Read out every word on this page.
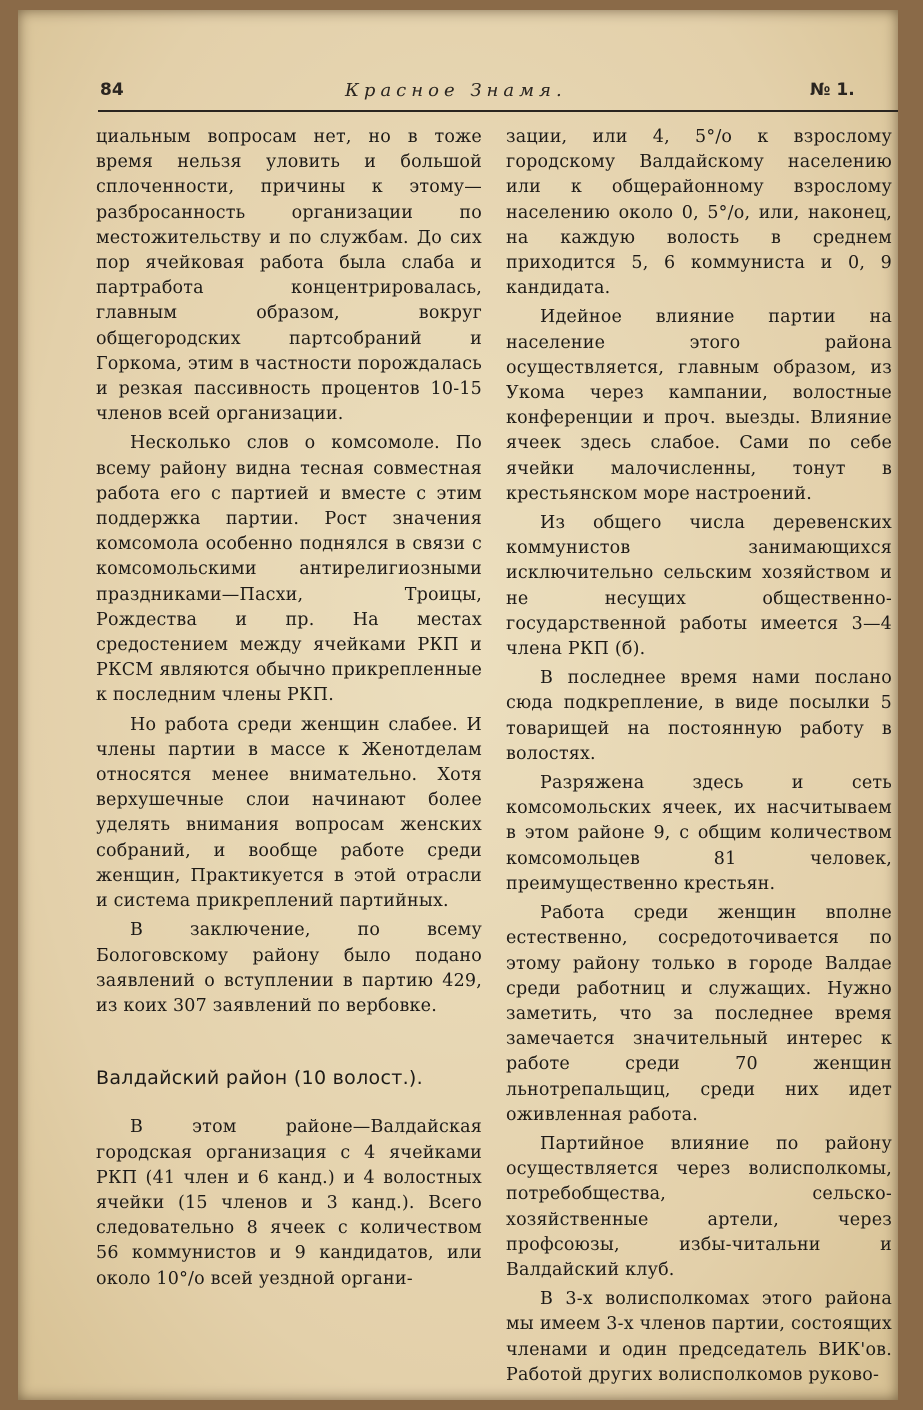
84	Красное Знамя.	№ 1.

циальным вопросам нет, но в тоже время нельзя уловить и большой сплоченности, причины к этому—разбросанность организации по местожительству и по службам. До сих пор ячейковая работа была слаба и партработа концентрировалась, главным образом, вокруг общегородских партсобраний и Горкома, этим в частности порождалась и резкая пассивность процентов 10-15 членов всей организации.

Несколько слов о комсомоле. По всему району видна тесная совместная работа его с партией и вместе с этим поддержка партии. Рост значения комсомола особенно поднялся в связи с комсомольскими антирелигиозными праздниками—Пасхи, Троицы, Рождества и пр. На местах средостением между ячейками РКП и РКСМ являются обычно прикрепленные к последним члены РКП.

Но работа среди женщин слабее. И члены партии в массе к Женотделам относятся менее внимательно. Хотя верхушечные слои начинают более уделять внимания вопросам женских собраний, и вообще работе среди женщин, Практикуется в этой отрасли и система прикреплений партийных.

В заключение, по всему Бологовскому району было подано заявлений о вступлении в партию 429, из коих 307 заявлений по вербовке.

Валдайский район (10 волост.).

В этом районе—Валдайская городская организация с 4 ячейками РКП (41 член и 6 канд.) и 4 волостных ячейки (15 членов и 3 канд.). Всего следовательно 8 ячеек с количеством 56 коммунистов и 9 кандидатов, или около 10°/о всей уездной органи-

зации, или 4, 5°/о к взрослому городскому Валдайскому населению или к общерайонному взрослому населению около 0, 5°/о, или, наконец, на каждую волость в среднем приходится 5, 6 коммуниста и 0, 9 кандидата.

Идейное влияние партии на население этого района осуществляется, главным образом, из Укома через кампании, волостные конференции и проч. выезды. Влияние ячеек здесь слабое. Сами по себе ячейки малочисленны, тонут в крестьянском море настроений.

Из общего числа деревенских коммунистов занимающихся исключительно сельским хозяйством и не несущих общественно-государственной работы имеется 3—4 члена РКП (б).

В последнее время нами послано сюда подкрепление, в виде посылки 5 товарищей на постоянную работу в волостях.

Разряжена здесь и сеть комсомольских ячеек, их насчитываем в этом районе 9, с общим количеством комсомольцев 81 человек, преимущественно крестьян.

Работа среди женщин вполне естественно, сосредоточивается по этому району только в городе Валдае среди работниц и служащих. Нужно заметить, что за последнее время замечается значительный интерес к работе среди 70 женщин льнотрепальщиц, среди них идет оживленная работа.

Партийное влияние по району осуществляется через волисполкомы, потребобщества, сельско-хозяйственные артели, через профсоюзы, избы-читальни и Валдайский клуб.

В 3-х волисполкомах этого района мы имеем 3-х членов партии, состоящих членами и один председатель ВИК'ов. Работой других волисполкомов руково-
